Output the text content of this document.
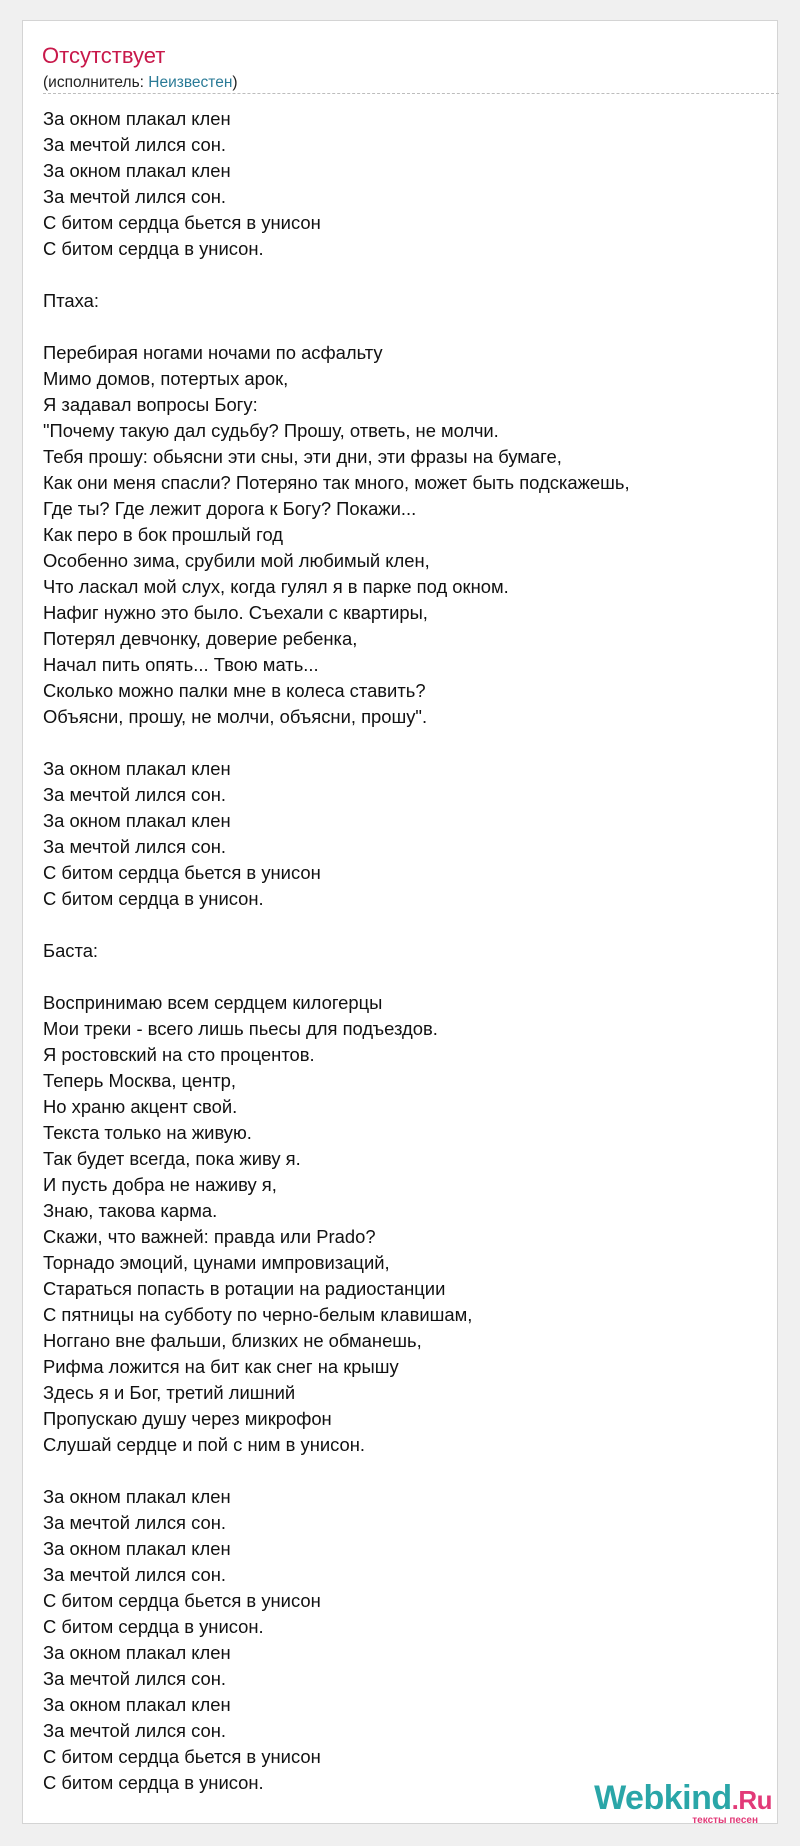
Отсутствует
(исполнитель: Неизвестен)
За окном плакал клен
За мечтой лился сон.
За окном плакал клен
За мечтой лился сон.
С битом сердца бьется в унисон
С битом сердца в унисон.
Птаха:
Перебирая ногами ночами по асфальту
Мимо домов, потертых арок,
Я задавал вопросы Богу:
"Почему такую дал судьбу? Прошу, ответь, не молчи.
Тебя прошу: обьясни эти сны, эти дни, эти фразы на бумаге,
Как они меня спасли? Потеряно так много, может быть подскажешь,
Где ты? Где лежит дорога к Богу? Покажи...
Как перо в бок прошлый год
Особенно зима, срубили мой любимый клен,
Что ласкал мой слух, когда гулял я в парке под окном.
Нафиг нужно это было. Съехали с квартиры,
Потерял девчонку, доверие ребенка,
Начал пить опять... Твою мать...
Сколько можно палки мне в колеса ставить?
Объясни, прошу, не молчи, объясни, прошу".
За окном плакал клен
За мечтой лился сон.
За окном плакал клен
За мечтой лился сон.
С битом сердца бьется в унисон
С битом сердца в унисон.
Баста:
Воспринимаю всем сердцем килогерцы
Мои треки - всего лишь пьесы для подъездов.
Я ростовский на сто процентов.
Теперь Москва, центр,
Но храню акцент свой.
Текста только на живую.
Так будет всегда, пока живу я.
И пусть добра не наживу я,
Знаю, такова карма.
Скажи, что важней: правда или Prado?
Торнадо эмоций, цунами импровизаций,
Стараться попасть в ротации на радиостанции
С пятницы на субботу по черно-белым клавишам,
Ноггано вне фальши, близких не обманешь,
Рифма ложится на бит как снег на крышу
Здесь я и Бог, третий лишний
Пропускаю душу через микрофон
Слушай сердце и пой с ним в унисон.
За окном плакал клен
За мечтой лился сон.
За окном плакал клен
За мечтой лился сон.
С битом сердца бьется в унисон
С битом сердца в унисон.
За окном плакал клен
За мечтой лился сон.
За окном плакал клен
За мечтой лился сон.
С битом сердца бьется в унисон
С битом сердца в унисон.	Webkind.Ru
тексты песен
